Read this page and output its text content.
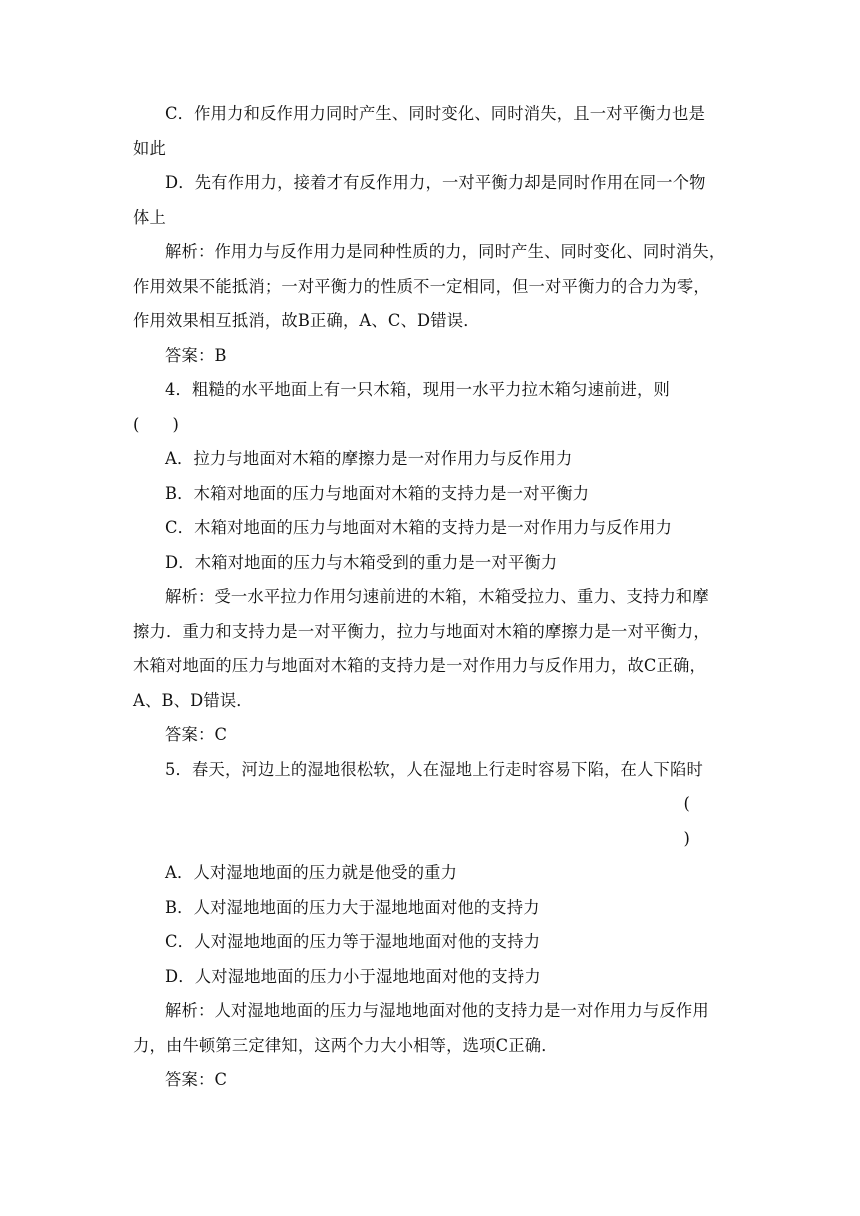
C．作用力和反作用力同时产生、同时变化、同时消失，且一对平衡力也是
如此
D．先有作用力，接着才有反作用力，一对平衡力却是同时作用在同一个物
体上
解析：作用力与反作用力是同种性质的力，同时产生、同时变化、同时消失，
作用效果不能抵消；一对平衡力的性质不一定相同，但一对平衡力的合力为零，
作用效果相互抵消，故B正确，A、C、D错误．
答案：B
4．粗糙的水平地面上有一只木箱，现用一水平力拉木箱匀速前进，则
(　　)
A．拉力与地面对木箱的摩擦力是一对作用力与反作用力
B．木箱对地面的压力与地面对木箱的支持力是一对平衡力
C．木箱对地面的压力与地面对木箱的支持力是一对作用力与反作用力
D．木箱对地面的压力与木箱受到的重力是一对平衡力
解析：受一水平拉力作用匀速前进的木箱，木箱受拉力、重力、支持力和摩
擦力．重力和支持力是一对平衡力，拉力与地面对木箱的摩擦力是一对平衡力，
木箱对地面的压力与地面对木箱的支持力是一对作用力与反作用力，故C正确，
A、B、D错误．
答案：C
5．春天，河边上的湿地很松软，人在湿地上行走时容易下陷，在人下陷时
(
)
A．人对湿地地面的压力就是他受的重力
B．人对湿地地面的压力大于湿地地面对他的支持力
C．人对湿地地面的压力等于湿地地面对他的支持力
D．人对湿地地面的压力小于湿地地面对他的支持力
解析：人对湿地地面的压力与湿地地面对他的支持力是一对作用力与反作用
力，由牛顿第三定律知，这两个力大小相等，选项C正确．
答案：C
